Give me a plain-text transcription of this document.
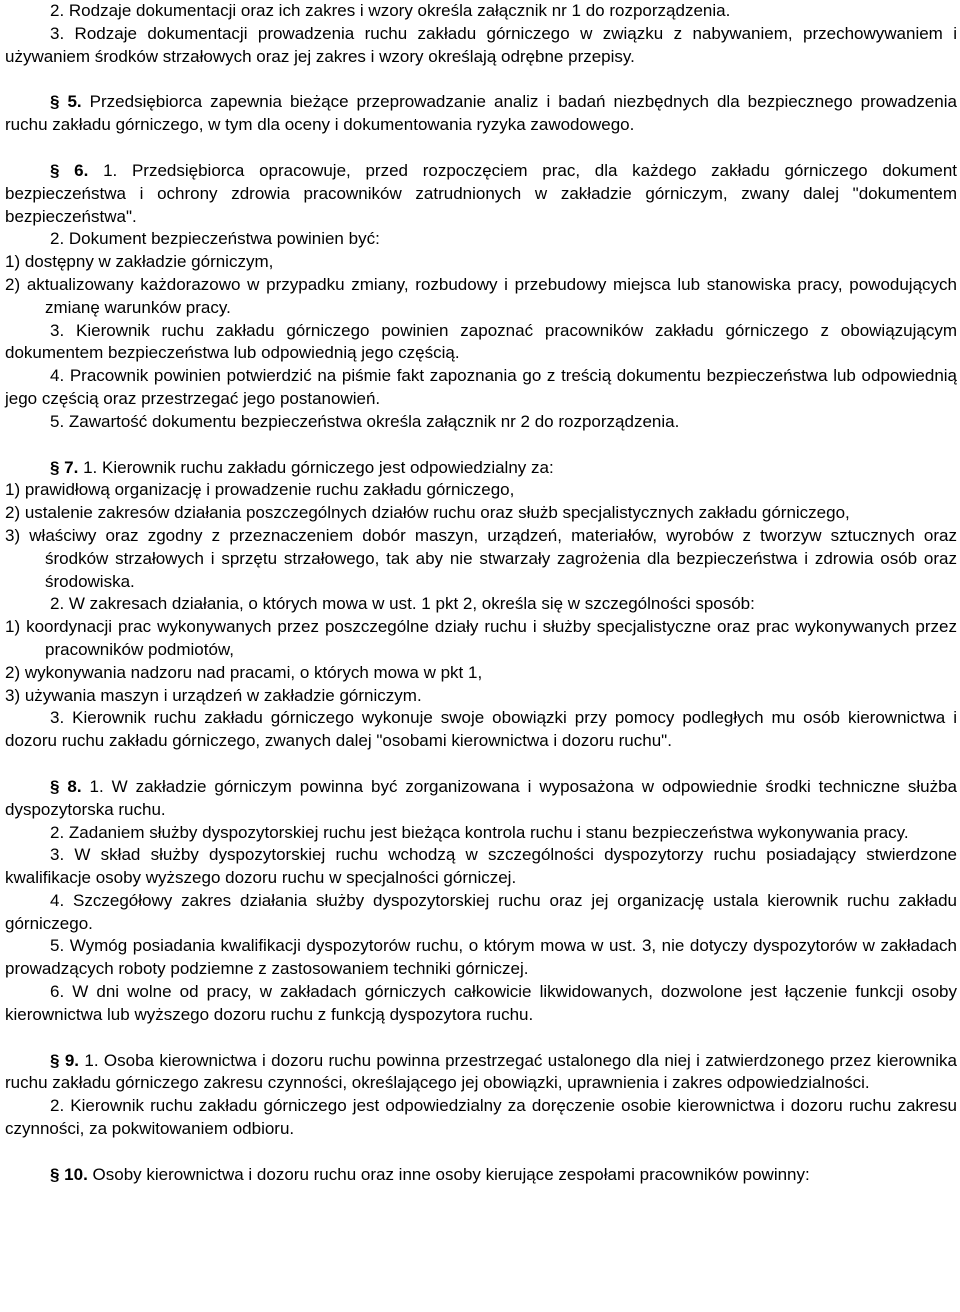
2. Rodzaje dokumentacji oraz ich zakres i wzory określa załącznik nr 1 do rozporządzenia.

3. Rodzaje dokumentacji prowadzenia ruchu zakładu górniczego w związku z nabywaniem, przechowywaniem i używaniem środków strzałowych oraz jej zakres i wzory określają odrębne przepisy.

§ 5. Przedsiębiorca zapewnia bieżące przeprowadzanie analiz i badań niezbędnych dla bezpiecznego prowadzenia ruchu zakładu górniczego, w tym dla oceny i dokumentowania ryzyka zawodowego.

§ 6. 1. Przedsiębiorca opracowuje, przed rozpoczęciem prac, dla każdego zakładu górniczego dokument bezpieczeństwa i ochrony zdrowia pracowników zatrudnionych w zakładzie górniczym, zwany dalej "dokumentem bezpieczeństwa".

2. Dokument bezpieczeństwa powinien być:

1) dostępny w zakładzie górniczym,

2) aktualizowany każdorazowo w przypadku zmiany, rozbudowy i przebudowy miejsca lub stanowiska pracy, powodujących zmianę warunków pracy.

3. Kierownik ruchu zakładu górniczego powinien zapoznać pracowników zakładu górniczego z obowiązującym dokumentem bezpieczeństwa lub odpowiednią jego częścią.

4. Pracownik powinien potwierdzić na piśmie fakt zapoznania go z treścią dokumentu bezpieczeństwa lub odpowiednią jego częścią oraz przestrzegać jego postanowień.

5. Zawartość dokumentu bezpieczeństwa określa załącznik nr 2 do rozporządzenia.

§ 7. 1. Kierownik ruchu zakładu górniczego jest odpowiedzialny za:

1) prawidłową organizację i prowadzenie ruchu zakładu górniczego,

2) ustalenie zakresów działania poszczególnych działów ruchu oraz służb specjalistycznych zakładu górniczego,

3) właściwy oraz zgodny z przeznaczeniem dobór maszyn, urządzeń, materiałów, wyrobów z tworzyw sztucznych oraz środków strzałowych i sprzętu strzałowego, tak aby nie stwarzały zagrożenia dla bezpieczeństwa i zdrowia osób oraz środowiska.

2. W zakresach działania, o których mowa w ust. 1 pkt 2, określa się w szczególności sposób:

1) koordynacji prac wykonywanych przez poszczególne działy ruchu i służby specjalistyczne oraz prac wykonywanych przez pracowników podmiotów,

2) wykonywania nadzoru nad pracami, o których mowa w pkt 1,

3) używania maszyn i urządzeń w zakładzie górniczym.

3. Kierownik ruchu zakładu górniczego wykonuje swoje obowiązki przy pomocy podległych mu osób kierownictwa i dozoru ruchu zakładu górniczego, zwanych dalej "osobami kierownictwa i dozoru ruchu".

§ 8. 1. W zakładzie górniczym powinna być zorganizowana i wyposażona w odpowiednie środki techniczne służba dyspozytorska ruchu.

2. Zadaniem służby dyspozytorskiej ruchu jest bieżąca kontrola ruchu i stanu bezpieczeństwa wykonywania pracy.

3. W skład służby dyspozytorskiej ruchu wchodzą w szczególności dyspozytorzy ruchu posiadający stwierdzone kwalifikacje osoby wyższego dozoru ruchu w specjalności górniczej.

4. Szczegółowy zakres działania służby dyspozytorskiej ruchu oraz jej organizację ustala kierownik ruchu zakładu górniczego.

5. Wymóg posiadania kwalifikacji dyspozytorów ruchu, o którym mowa w ust. 3, nie dotyczy dyspozytorów w zakładach prowadzących roboty podziemne z zastosowaniem techniki górniczej.

6. W dni wolne od pracy, w zakładach górniczych całkowicie likwidowanych, dozwolone jest łączenie funkcji osoby kierownictwa lub wyższego dozoru ruchu z funkcją dyspozytora ruchu.

§ 9. 1. Osoba kierownictwa i dozoru ruchu powinna przestrzegać ustalonego dla niej i zatwierdzonego przez kierownika ruchu zakładu górniczego zakresu czynności, określającego jej obowiązki, uprawnienia i zakres odpowiedzialności.

2. Kierownik ruchu zakładu górniczego jest odpowiedzialny za doręczenie osobie kierownictwa i dozoru ruchu zakresu czynności, za pokwitowaniem odbioru.

§ 10. Osoby kierownictwa i dozoru ruchu oraz inne osoby kierujące zespołami pracowników powinny:
